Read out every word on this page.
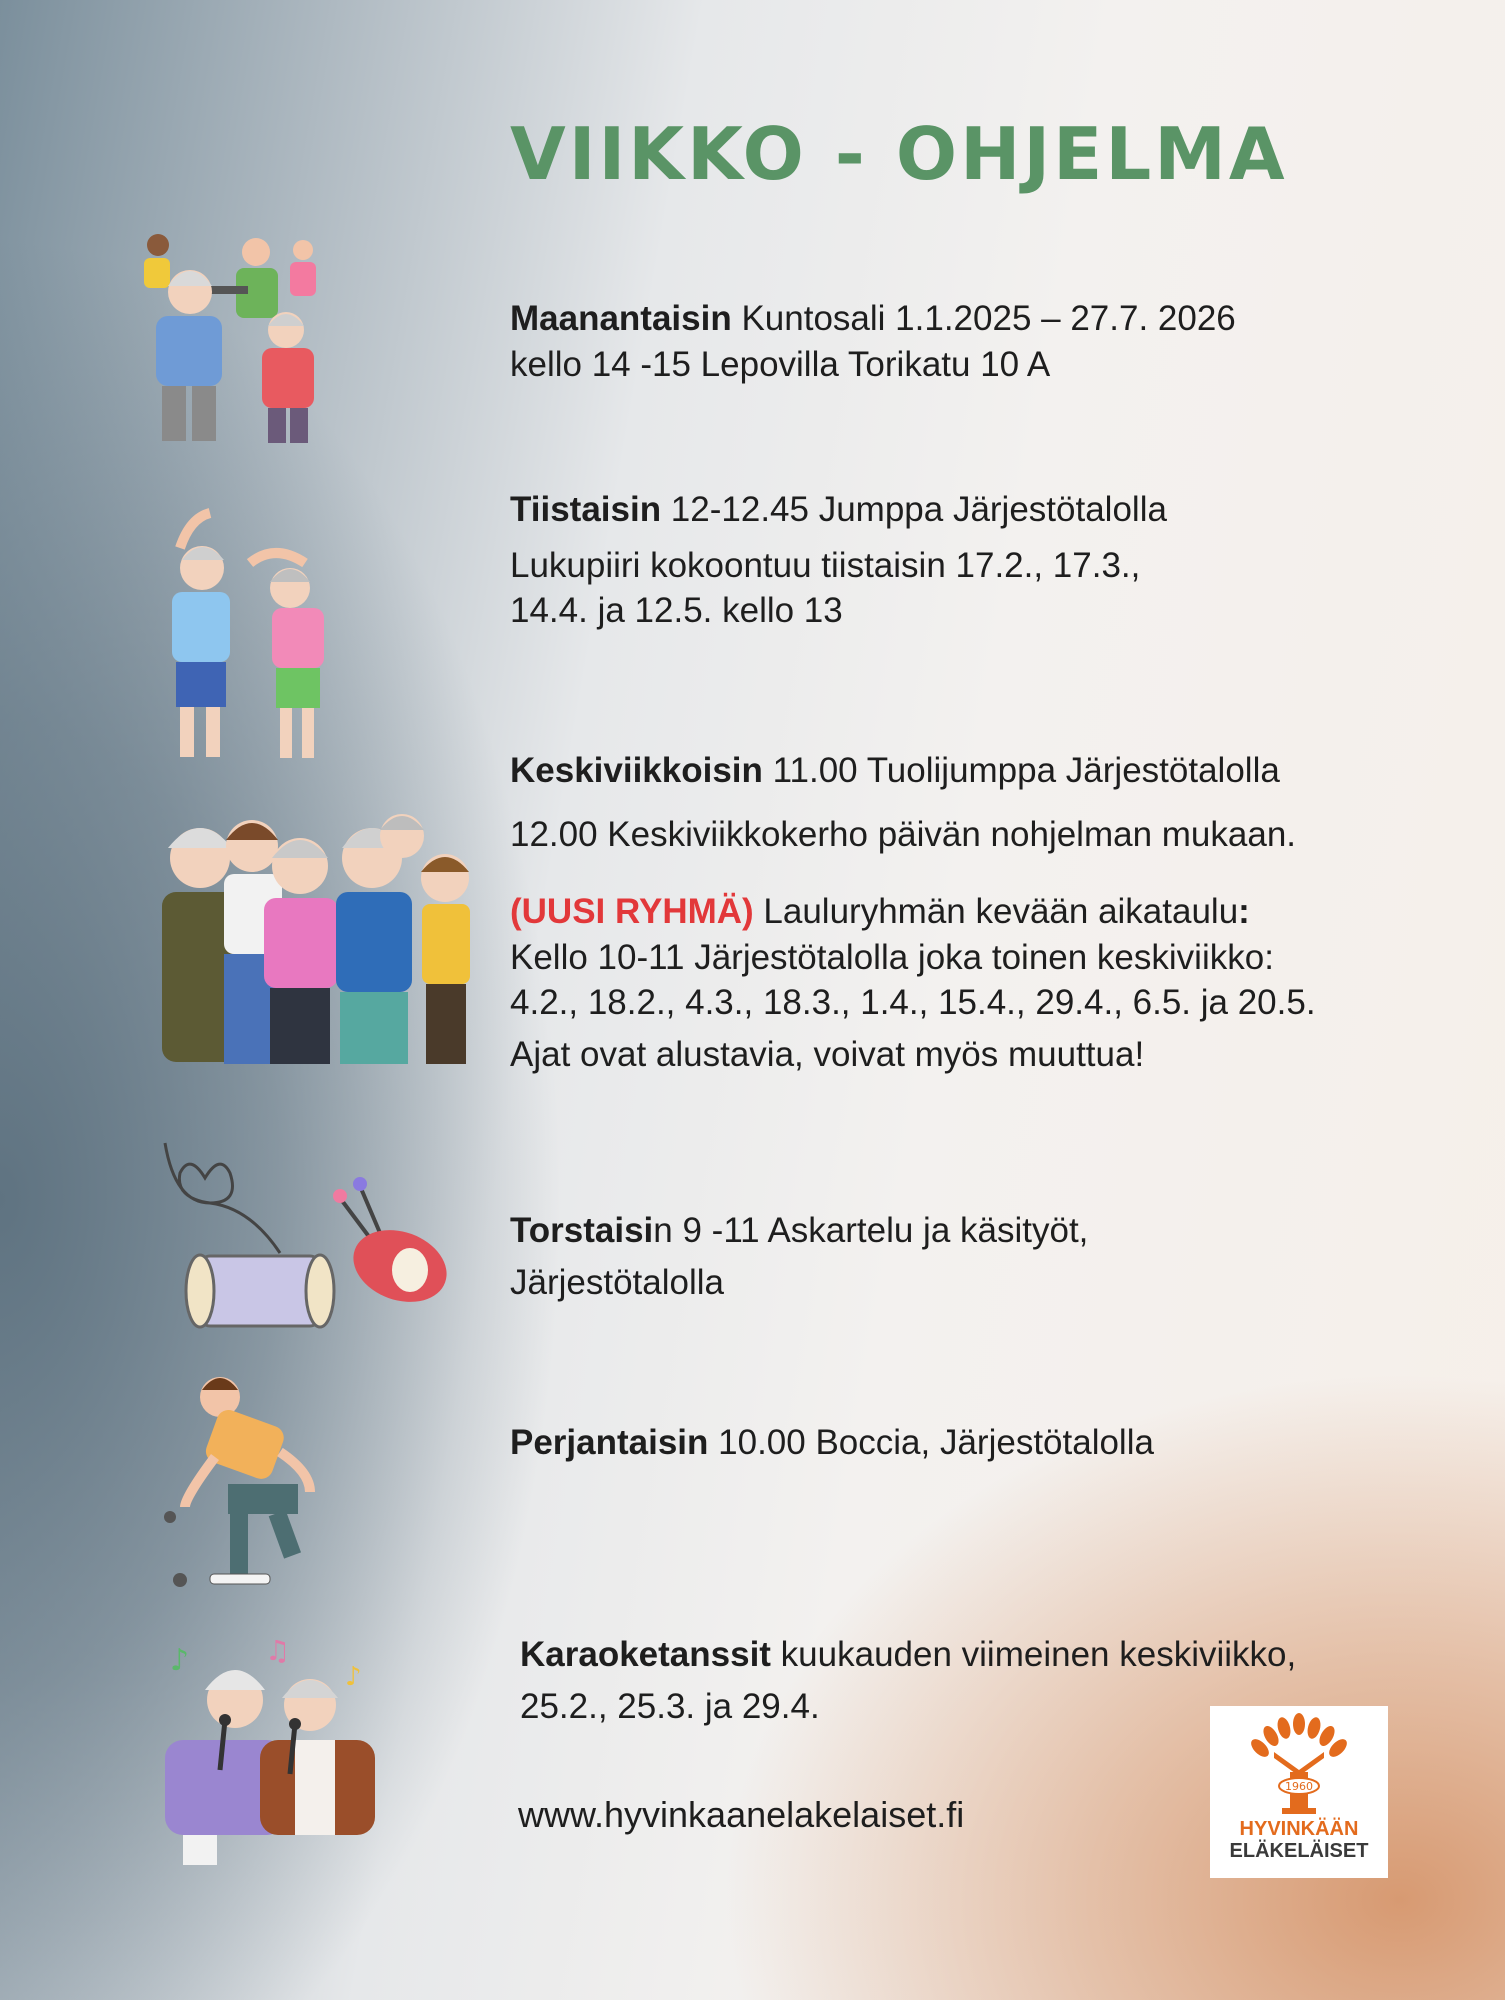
VIIKKO - OHJELMA
Maanantaisin Kuntosali 1.1.2025 – 27.7. 2026
kello 14 -15 Lepovilla Torikatu 10 A
Tiistaisin 12-12.45 Jumppa Järjestötalolla
Lukupiiri kokoontuu tiistaisin 17.2., 17.3.,
14.4. ja 12.5. kello 13
Keskiviikkoisin 11.00 Tuolijumppa Järjestötalolla
12.00 Keskiviikkokerho päivän nohjelman mukaan.
(UUSI RYHMÄ) Lauluryhmän kevään aikataulu:
Kello 10-11 Järjestötalolla joka toinen keskiviikko:
4.2., 18.2., 4.3., 18.3., 1.4., 15.4., 29.4., 6.5. ja 20.5.
Ajat ovat alustavia, voivat myös muuttua!
Torstaisin 9 -11 Askartelu ja käsityöt,
Järjestötalolla
Perjantaisin 10.00 Boccia, Järjestötalolla
♪	♫
♪
Karaoketanssit kuukauden viimeinen keskiviikko,
25.2., 25.3. ja 29.4.
www.hyvinkaanelakelaiset.fi
1960
HYVINKÄÄN
ELÄKELÄISET
